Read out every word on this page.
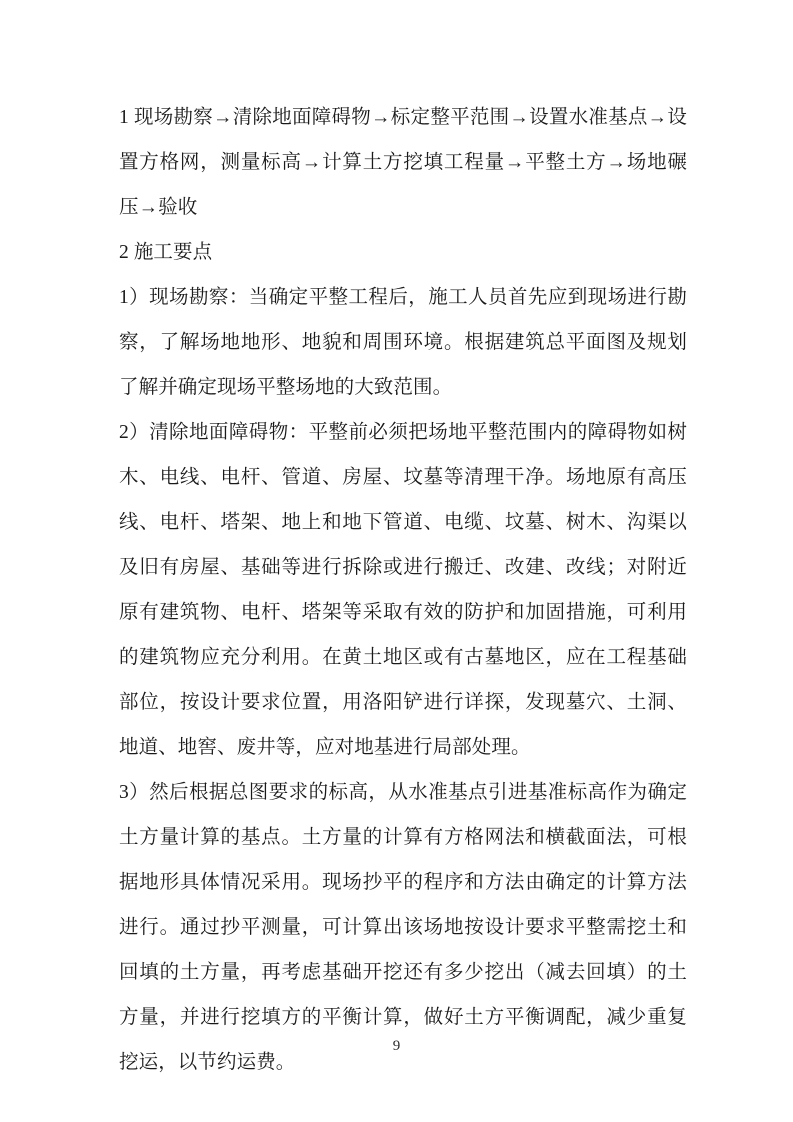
1 现场勘察→清除地面障碍物→标定整平范围→设置水准基点→设置方格网，测量标高→计算土方挖填工程量→平整土方→场地碾压→验收

2 施工要点

1）现场勘察：当确定平整工程后，施工人员首先应到现场进行勘察，了解场地地形、地貌和周围环境。根据建筑总平面图及规划了解并确定现场平整场地的大致范围。

2）清除地面障碍物：平整前必须把场地平整范围内的障碍物如树木、电线、电杆、管道、房屋、坟墓等清理干净。场地原有高压线、电杆、塔架、地上和地下管道、电缆、坟墓、树木、沟渠以及旧有房屋、基础等进行拆除或进行搬迁、改建、改线；对附近原有建筑物、电杆、塔架等采取有效的防护和加固措施，可利用的建筑物应充分利用。在黄土地区或有古墓地区，应在工程基础部位，按设计要求位置，用洛阳铲进行详探，发现墓穴、土洞、地道、地窖、废井等，应对地基进行局部处理。

3）然后根据总图要求的标高，从水准基点引进基准标高作为确定土方量计算的基点。土方量的计算有方格网法和横截面法，可根据地形具体情况采用。现场抄平的程序和方法由确定的计算方法进行。通过抄平测量，可计算出该场地按设计要求平整需挖土和回填的土方量，再考虑基础开挖还有多少挖出（减去回填）的土方量，并进行挖填方的平衡计算，做好土方平衡调配，减少重复挖运，以节约运费。

9
